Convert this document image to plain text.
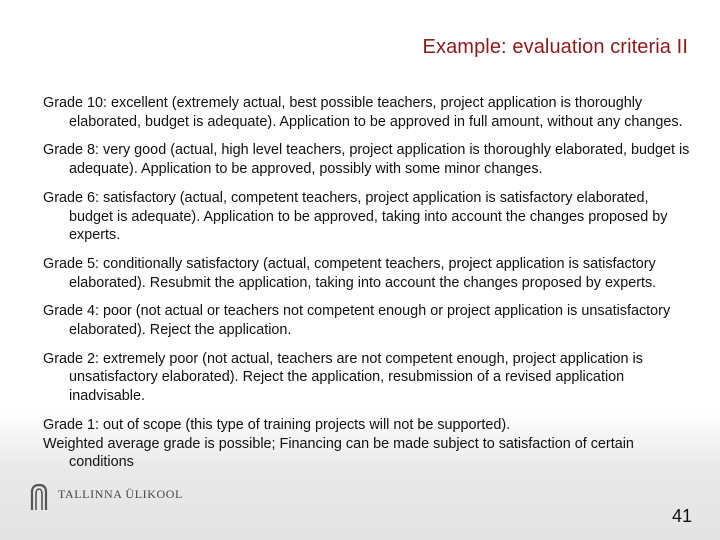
Example: evaluation criteria II
Grade 10: excellent (extremely actual, best possible teachers, project application is thoroughly elaborated, budget is adequate). Application to be approved in full amount, without any changes.
Grade 8: very good (actual, high level teachers, project application is thoroughly elaborated, budget is adequate). Application to be approved, possibly with some minor changes.
Grade 6: satisfactory (actual, competent teachers, project application is satisfactory elaborated, budget is adequate). Application to be approved, taking into account the changes proposed by experts.
Grade 5: conditionally satisfactory (actual, competent teachers, project application is satisfactory elaborated). Resubmit the application, taking into account the changes proposed by experts.
Grade 4: poor (not actual or teachers not competent enough or project application is unsatisfactory elaborated). Reject the application.
Grade 2: extremely poor (not actual, teachers are not competent enough, project application is unsatisfactory elaborated). Reject the application, resubmission of a revised application inadvisable.
Grade 1: out of scope (this type of training projects will not be supported).
Weighted average grade is possible; Financing can be made subject to satisfaction of certain conditions
TALLINNA ÜLIKOOL
41
